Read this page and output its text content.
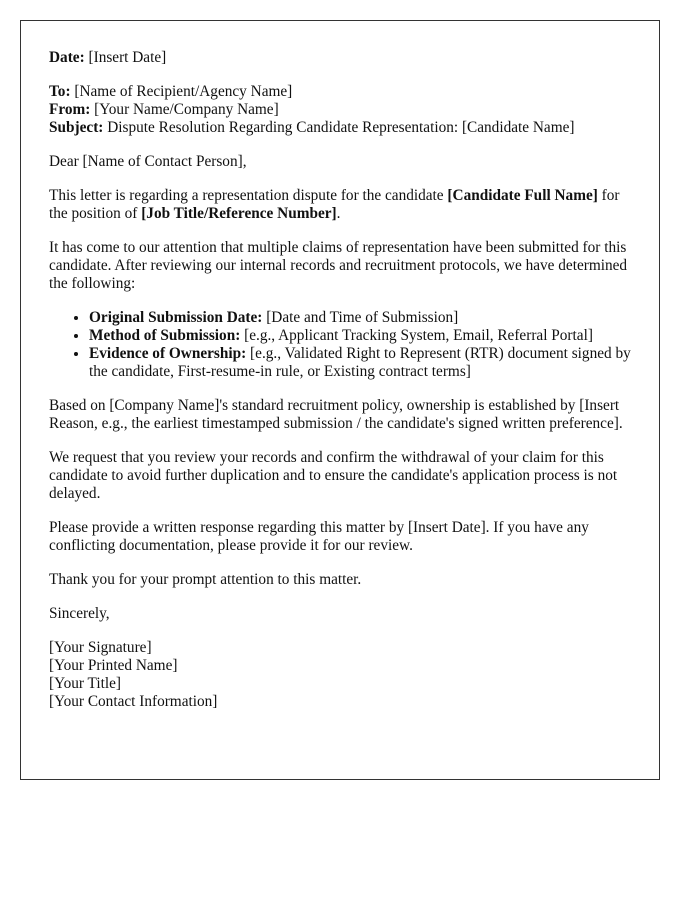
Date: [Insert Date]

To: [Name of Recipient/Agency Name]
From: [Your Name/Company Name]
Subject: Dispute Resolution Regarding Candidate Representation: [Candidate Name]

Dear [Name of Contact Person],

This letter is regarding a representation dispute for the candidate [Candidate Full Name] for the position of [Job Title/Reference Number].

It has come to our attention that multiple claims of representation have been submitted for this candidate. After reviewing our internal records and recruitment protocols, we have determined the following:

• Original Submission Date: [Date and Time of Submission]
• Method of Submission: [e.g., Applicant Tracking System, Email, Referral Portal]
• Evidence of Ownership: [e.g., Validated Right to Represent (RTR) document signed by the candidate, First-resume-in rule, or Existing contract terms]

Based on [Company Name]'s standard recruitment policy, ownership is established by [Insert Reason, e.g., the earliest timestamped submission / the candidate's signed written preference].

We request that you review your records and confirm the withdrawal of your claim for this candidate to avoid further duplication and to ensure the candidate's application process is not delayed.

Please provide a written response regarding this matter by [Insert Date]. If you have any conflicting documentation, please provide it for our review.

Thank you for your prompt attention to this matter.

Sincerely,

[Your Signature]
[Your Printed Name]
[Your Title]
[Your Contact Information]
